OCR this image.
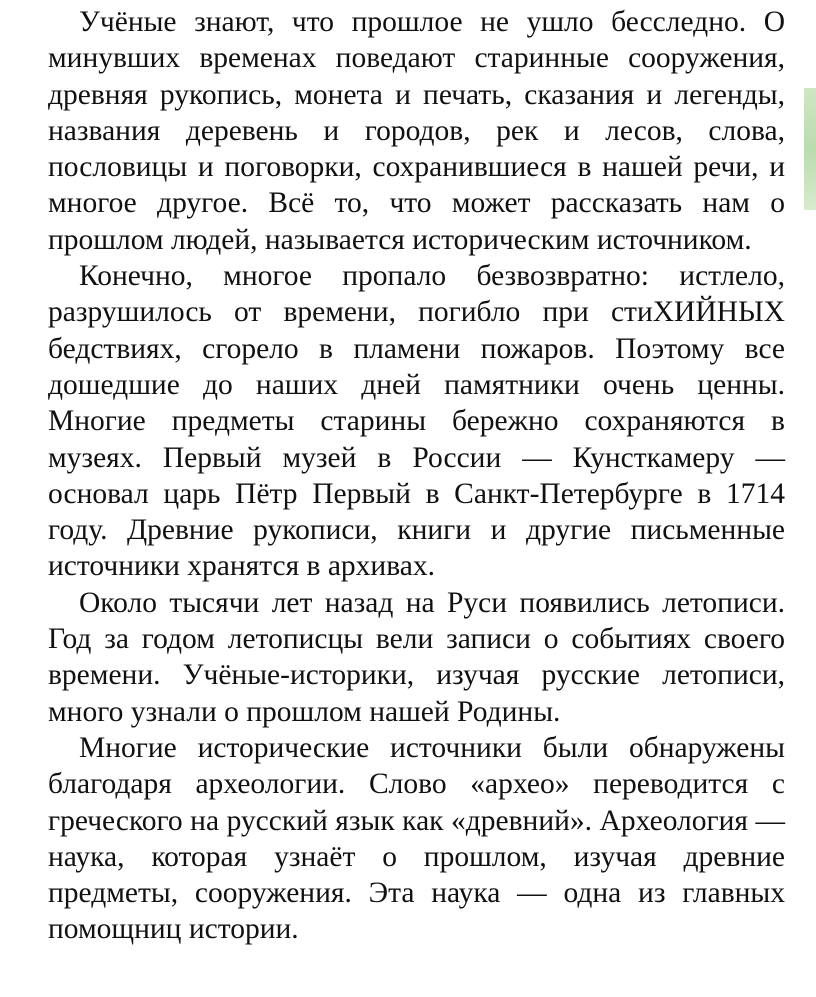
Учёные знают, что прошлое не ушло бесследно. О минувших временах поведают старинные сооружения, древняя рукопись, монета и печать, сказания и легенды, названия деревень и городов, рек и лесов, слова, пословицы и поговорки, сохранившиеся в нашей речи, и многое другое. Всё то, что может рассказать нам о прошлом людей, называется историческим источником.

Конечно, многое пропало безвозвратно: истлело, разрушилось от времени, погибло при стиХИЙНЫХ бедствиях, сгорело в пламени пожаров. Поэтому все дошедшие до наших дней памятники очень ценны. Многие предметы старины бережно сохраняются в музеях. Первый музей в России — Кунсткамеру — основал царь Пётр Первый в Санкт-Петербурге в 1714 году. Древние рукописи, книги и другие письменные источники хранятся в архивах.

Около тысячи лет назад на Руси появились летописи. Год за годом летописцы вели записи о событиях своего времени. Учёные-историки, изучая русские летописи, много узнали о прошлом нашей Родины.

Многие исторические источники были обнаружены благодаря археологии. Слово «архео» переводится с греческого на русский язык как «древний». Археология — наука, которая узнаёт о прошлом, изучая древние предметы, сооружения. Эта наука — одна из главных помощниц истории.
